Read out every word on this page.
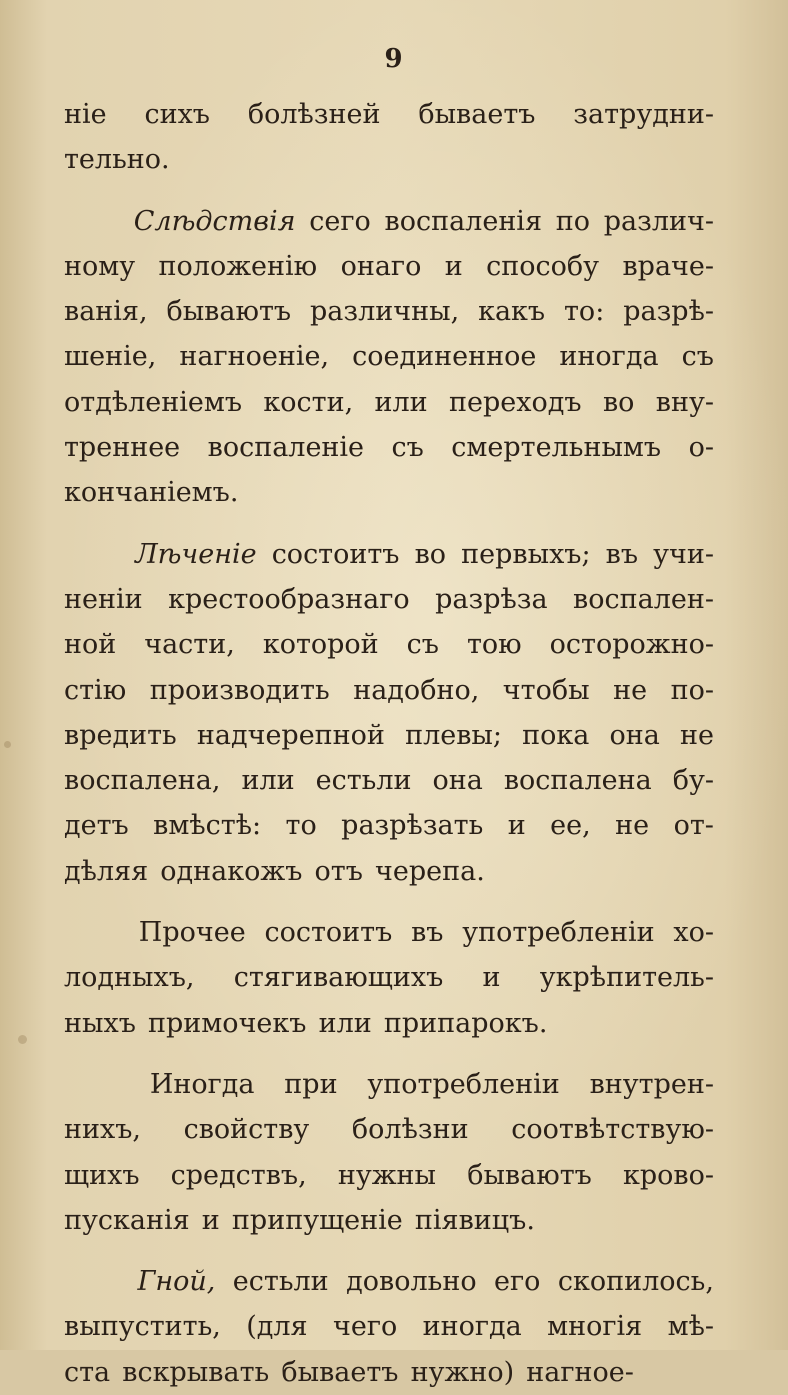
9
ніе сихъ болѣзней бываетъ затрудни-
тельно.
Слѣдствія сего воспаленія по различ-
ному положенію онаго и способу враче-
ванія, бываютъ различны, какъ то: разрѣ-
шеніе, нагноеніе, соединенное иногда съ
отдѣленіемъ кости, или переходъ во вну-
треннее воспаленіе съ смертельнымъ о-
кончаніемъ.
Лѣченіе состоитъ во первыхъ; въ учи-
неніи крестообразнаго разрѣза воспален-
ной части, которой съ тою осторожно-
стію производить надобно, чтобы не по-
вредить надчерепной плевы; пока она не
воспалена, или естьли она воспалена бу-
детъ вмѣстѣ: то разрѣзать и ее, не от-
дѣляя однакожъ отъ черепа.
Прочее состоитъ въ употребленіи хо-
лодныхъ, стягивающихъ и укрѣпитель-
ныхъ примочекъ или припарокъ.
Иногда при употребленіи внутрен-
нихъ, свойству болѣзни соотвѣтствую-
щихъ средствъ, нужны бываютъ крово-
пусканія и припущеніе піявицъ.
Гной, естьли довольно его скопилось,
выпустить, (для чего иногда многія мѣ-
ста вскрывать бываетъ нужно) нагное-
